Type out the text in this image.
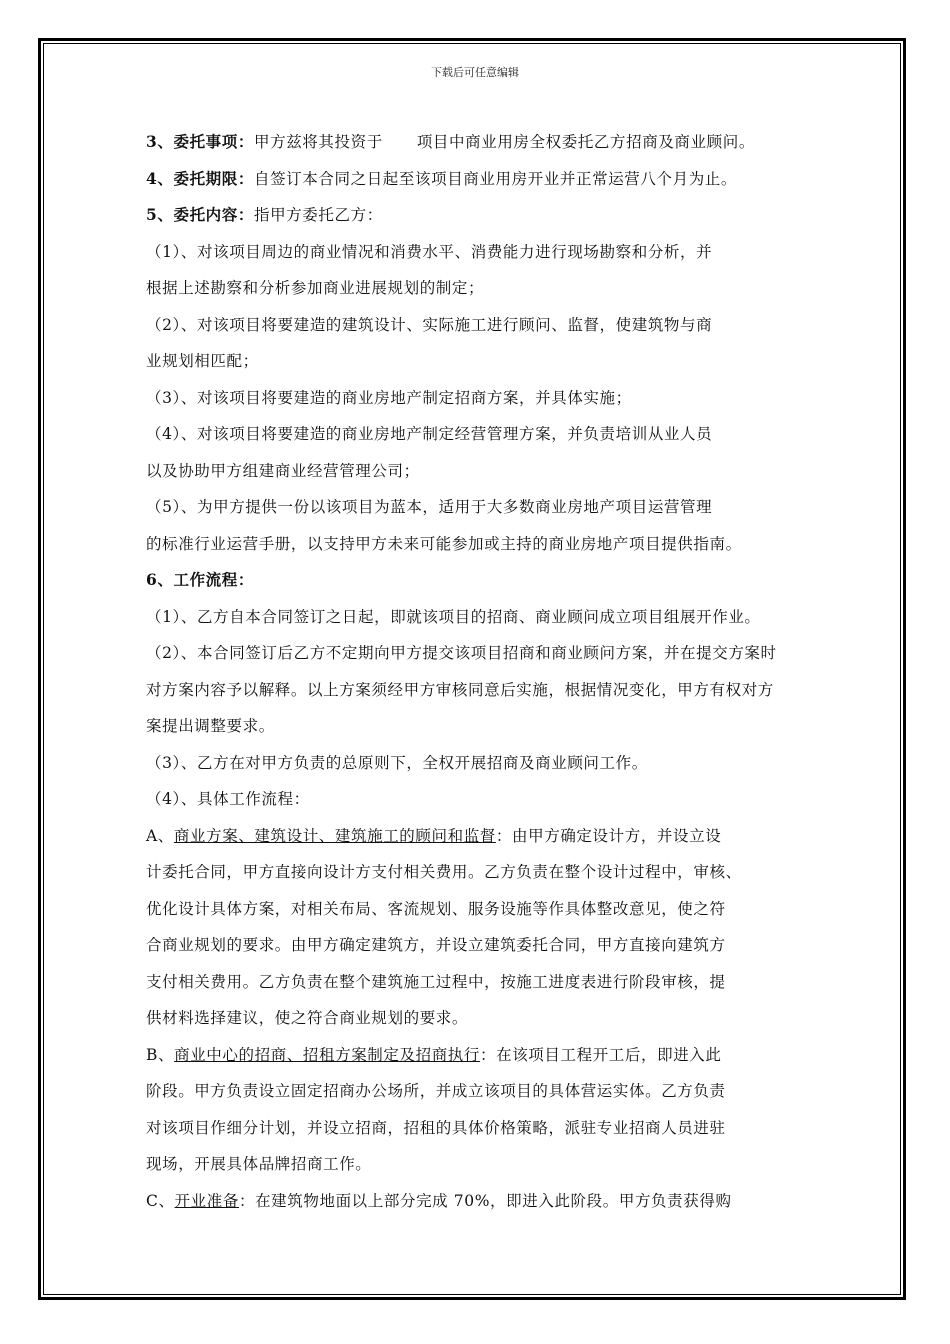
下载后可任意编辑
3、委托事项：甲方兹将其投资于 项目中商业用房全权委托乙方招商及商业顾问。
4、委托期限：自签订本合同之日起至该项目商业用房开业并正常运营八个月为止。
5、委托内容：指甲方委托乙方：
（1）、对该项目周边的商业情况和消费水平、消费能力进行现场勘察和分析，并
根据上述勘察和分析参加商业进展规划的制定；
（2）、对该项目将要建造的建筑设计、实际施工进行顾问、监督，使建筑物与商
业规划相匹配；
（3）、对该项目将要建造的商业房地产制定招商方案，并具体实施；
（4）、对该项目将要建造的商业房地产制定经营管理方案，并负责培训从业人员
以及协助甲方组建商业经营管理公司；
（5）、为甲方提供一份以该项目为蓝本，适用于大多数商业房地产项目运营管理
的标准行业运营手册，以支持甲方未来可能参加或主持的商业房地产项目提供指南。
6、工作流程：
（1）、乙方自本合同签订之日起，即就该项目的招商、商业顾问成立项目组展开作业。
（2）、本合同签订后乙方不定期向甲方提交该项目招商和商业顾问方案，并在提交方案时
对方案内容予以解释。以上方案须经甲方审核同意后实施，根据情况变化，甲方有权对方
案提出调整要求。
（3）、乙方在对甲方负责的总原则下，全权开展招商及商业顾问工作。
（4）、具体工作流程：
A、商业方案、建筑设计、建筑施工的顾问和监督：由甲方确定设计方，并设立设
计委托合同，甲方直接向设计方支付相关费用。乙方负责在整个设计过程中，审核、
优化设计具体方案，对相关布局、客流规划、服务设施等作具体整改意见，使之符
合商业规划的要求。由甲方确定建筑方，并设立建筑委托合同，甲方直接向建筑方
支付相关费用。乙方负责在整个建筑施工过程中，按施工进度表进行阶段审核，提
供材料选择建议，使之符合商业规划的要求。
B、商业中心的招商、招租方案制定及招商执行：在该项目工程开工后，即进入此
阶段。甲方负责设立固定招商办公场所，并成立该项目的具体营运实体。乙方负责
对该项目作细分计划，并设立招商，招租的具体价格策略，派驻专业招商人员进驻
现场，开展具体品牌招商工作。
C、开业准备：在建筑物地面以上部分完成 70%，即进入此阶段。甲方负责获得购
